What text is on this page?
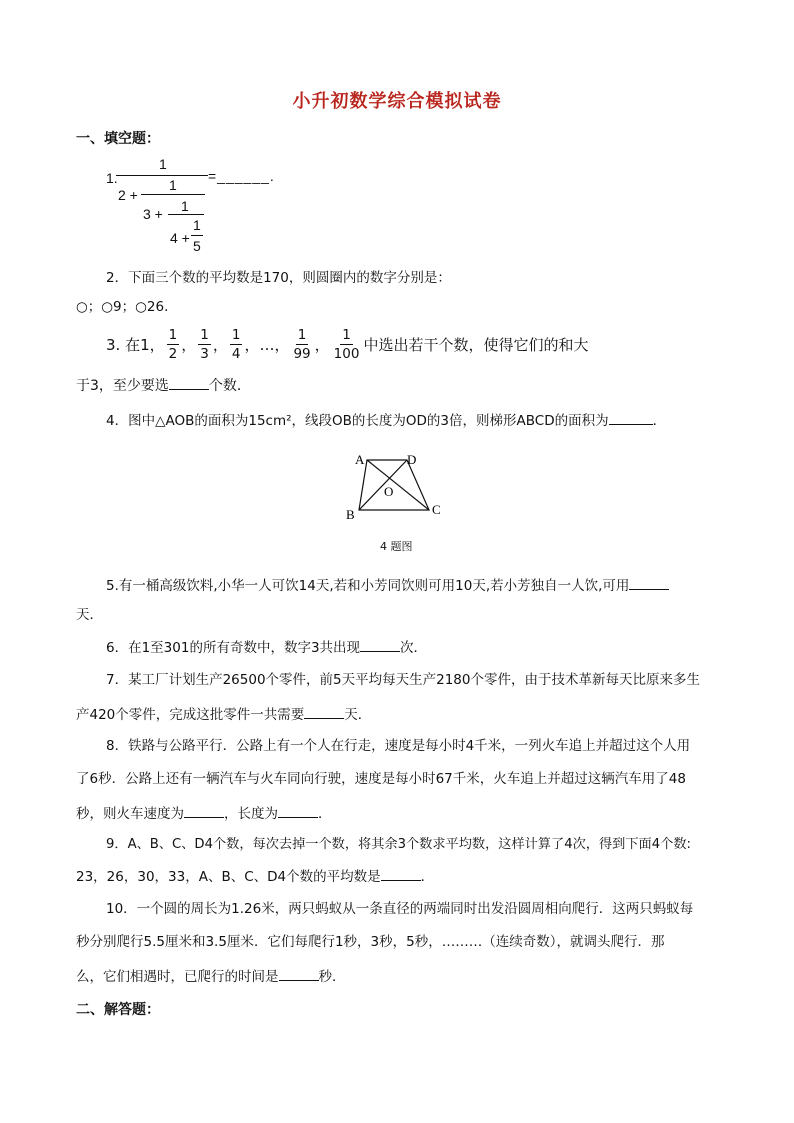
小升初数学综合模拟试卷
一、填空题：
1.
1
2 +
1
3 + 1
4 +
1
5
=______.
2．下面三个数的平均数是170，则圆圈内的数字分别是：
○；○9；○26．
3. 在1， $\frac{1}{2}$ ， $\frac{1}{3}$ ， $\frac{1}{4}$ ，…， $\frac{1}{99}$ ， $\frac{1}{100}$ 中选出若干个数，使得它们的和大
于3，至少要选	个数．
4．图中△AOB的面积为15cm²，线段OB的长度为OD的3倍，则梯形ABCD的面积为	．
A	D
O
B	C
4 题图
5.有一桶高级饮料,小华一人可饮14天,若和小芳同饮则可用10天,若小芳独自一人饮,可用
天．
6．在1至301的所有奇数中，数字3共出现	次．
7．某工厂计划生产26500个零件，前5天平均每天生产2180个零件，由于技术革新每天比原来多生
产420个零件，完成这批零件一共需要	天．
8．铁路与公路平行．公路上有一个人在行走，速度是每小时4千米，一列火车追上并超过这个人用
了6秒．公路上还有一辆汽车与火车同向行驶，速度是每小时67千米，火车追上并超过这辆汽车用了48
秒，则火车速度为	，长度为	．
9．A、B、C、D4个数，每次去掉一个数，将其余3个数求平均数，这样计算了4次，得到下面4个数:
23，26，30，33，A、B、C、D4个数的平均数是	．
10．一个圆的周长为1.26米，两只蚂蚁从一条直径的两端同时出发沿圆周相向爬行．这两只蚂蚁每
秒分别爬行5.5厘米和3.5厘米．它们每爬行1秒，3秒，5秒，………（连续奇数），就调头爬行．那
么，它们相遇时，已爬行的时间是	秒．
二、解答题：
